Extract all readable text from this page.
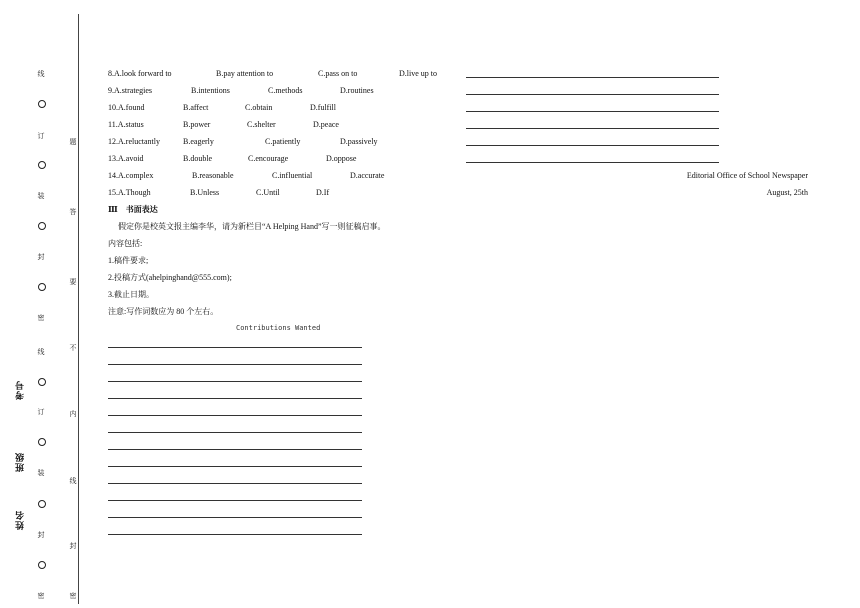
线
订
装
封
密
线
订
装
封
密
题
答
要
不
内
线
封
密
考号
班级
姓名
8.A.look forward to	B.pay attention to	C.pass on to	D.live up to
9.A.strategies	B.intentions	C.methods	D.routines
10.A.found	B.affect	C.obtain	D.fulfill
11.A.status	B.power	C.shelter	D.peace
12.A.reluctantly	B.eagerly	C.patiently	D.passively
13.A.avoid	B.double	C.encourage	D.oppose
14.A.complex	B.reasonable	C.influential	D.accurate
15.A.Though	B.Unless	C.Until	D.If
Editorial Office of School Newspaper
August, 25th
Ⅲ　书面表达
假定你是校英文报主编李华，请为新栏目“A Helping Hand”写一则征稿启事。
内容包括:
1.稿件要求;
2.投稿方式(ahelpinghand@555.com);
3.截止日期。
注意:写作词数应为 80 个左右。
Contributions Wanted
